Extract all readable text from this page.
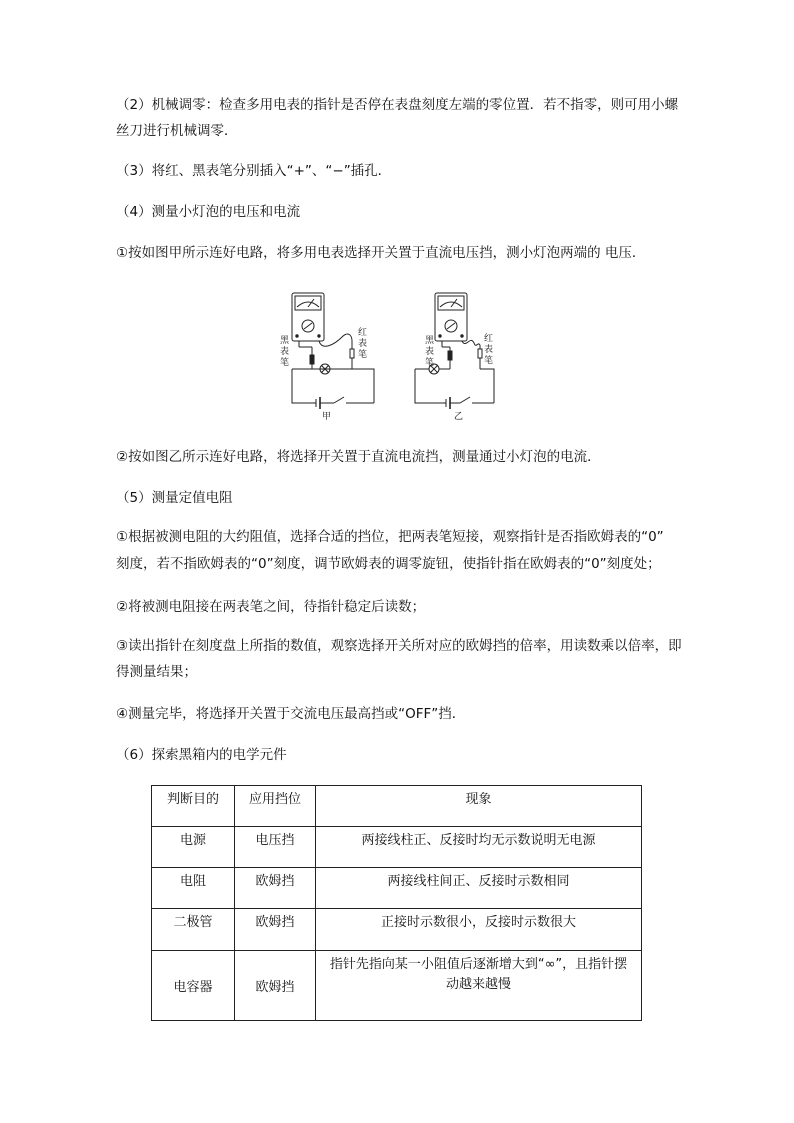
（2）机械调零：检查多用电表的指针是否停在表盘刻度左端的零位置．若不指零，则可用小螺
丝刀进行机械调零．
（3）将红、黑表笔分别插入“+”、“−”插孔．
（4）测量小灯泡的电压和电流
①按如图甲所示连好电路，将多用电表选择开关置于直流电压挡，测小灯泡两端的 电压．
黑
表
笔
红
表
笔
甲
黑
表
笔
红
表
笔
乙
②按如图乙所示连好电路，将选择开关置于直流电流挡，测量通过小灯泡的电流．
（5）测量定值电阻
①根据被测电阻的大约阻值，选择合适的挡位，把两表笔短接，观察指针是否指欧姆表的“0”
刻度，若不指欧姆表的“0”刻度，调节欧姆表的调零旋钮，使指针指在欧姆表的“0”刻度处；
②将被测电阻接在两表笔之间，待指针稳定后读数；
③读出指针在刻度盘上所指的数值，观察选择开关所对应的欧姆挡的倍率，用读数乘以倍率，即
得测量结果；
④测量完毕，将选择开关置于交流电压最高挡或“OFF”挡．
（6）探索黑箱内的电学元件
判断目的	应用挡位	现象
电源	电压挡	两接线柱正、反接时均无示数说明无电源
电阻	欧姆挡	两接线柱间正、反接时示数相同
二极管	欧姆挡	正接时示数很小，反接时示数很大
电容器	欧姆挡	指针先指向某一小阻值后逐渐增大到“∞”，且指针摆动越来越慢
